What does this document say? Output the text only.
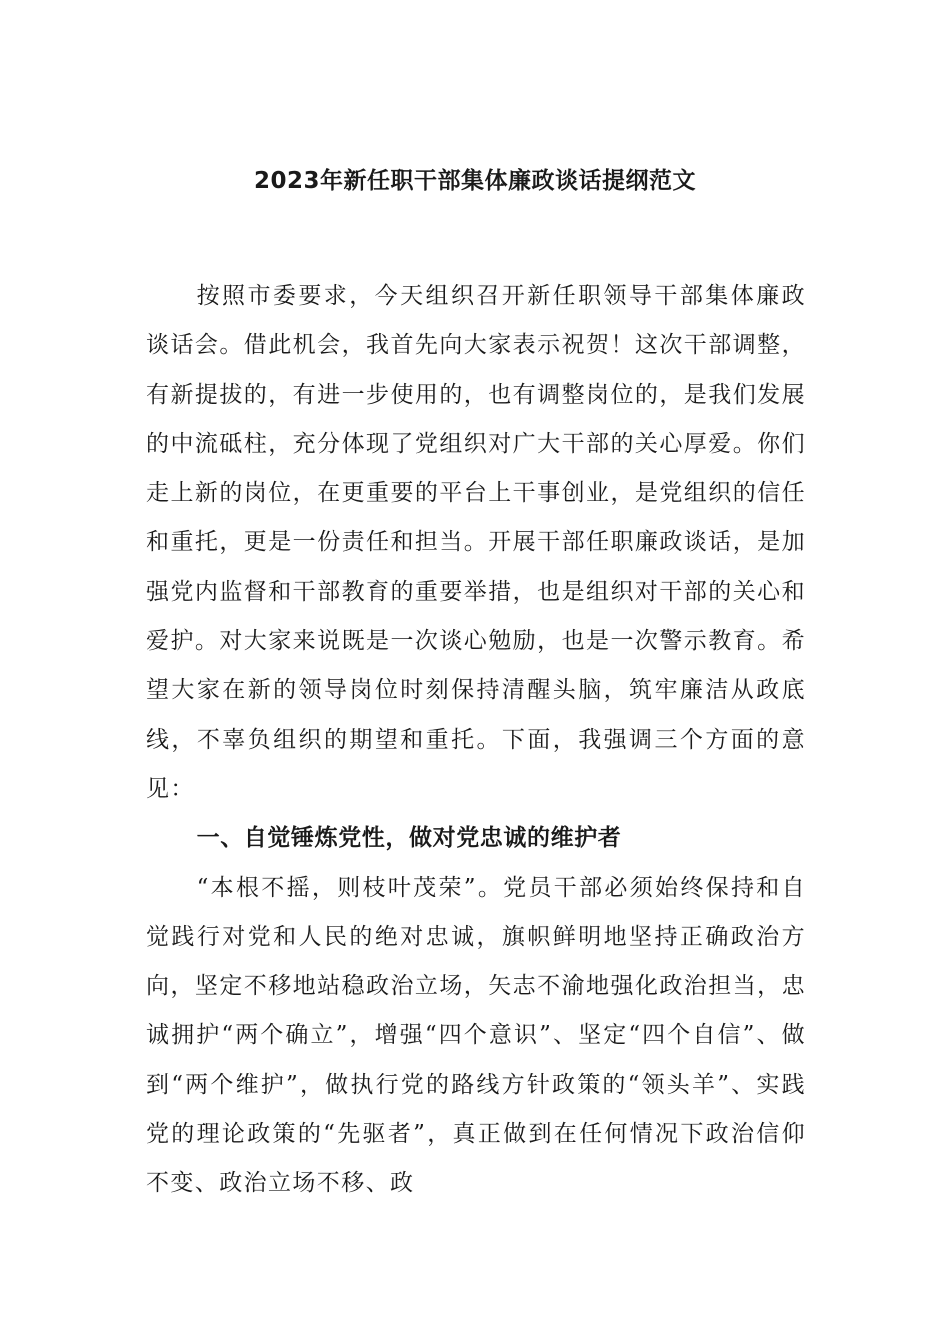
2023年新任职干部集体廉政谈话提纲范文

按照市委要求，今天组织召开新任职领导干部集体廉政谈话会。借此机会，我首先向大家表示祝贺！这次干部调整，有新提拔的，有进一步使用的，也有调整岗位的，是我们发展的中流砥柱，充分体现了党组织对广大干部的关心厚爱。你们走上新的岗位，在更重要的平台上干事创业，是党组织的信任和重托，更是一份责任和担当。开展干部任职廉政谈话，是加强党内监督和干部教育的重要举措，也是组织对干部的关心和爱护。对大家来说既是一次谈心勉励，也是一次警示教育。希望大家在新的领导岗位时刻保持清醒头脑，筑牢廉洁从政底线，不辜负组织的期望和重托。下面，我强调三个方面的意见：

一、自觉锤炼党性，做对党忠诚的维护者

“本根不摇，则枝叶茂荣”。党员干部必须始终保持和自觉践行对党和人民的绝对忠诚，旗帜鲜明地坚持正确政治方向，坚定不移地站稳政治立场，矢志不渝地强化政治担当，忠诚拥护“两个确立”，增强“四个意识”、坚定“四个自信”、做到“两个维护”，做执行党的路线方针政策的“领头羊”、实践党的理论政策的“先驱者”，真正做到在任何情况下政治信仰不变、政治立场不移、政
